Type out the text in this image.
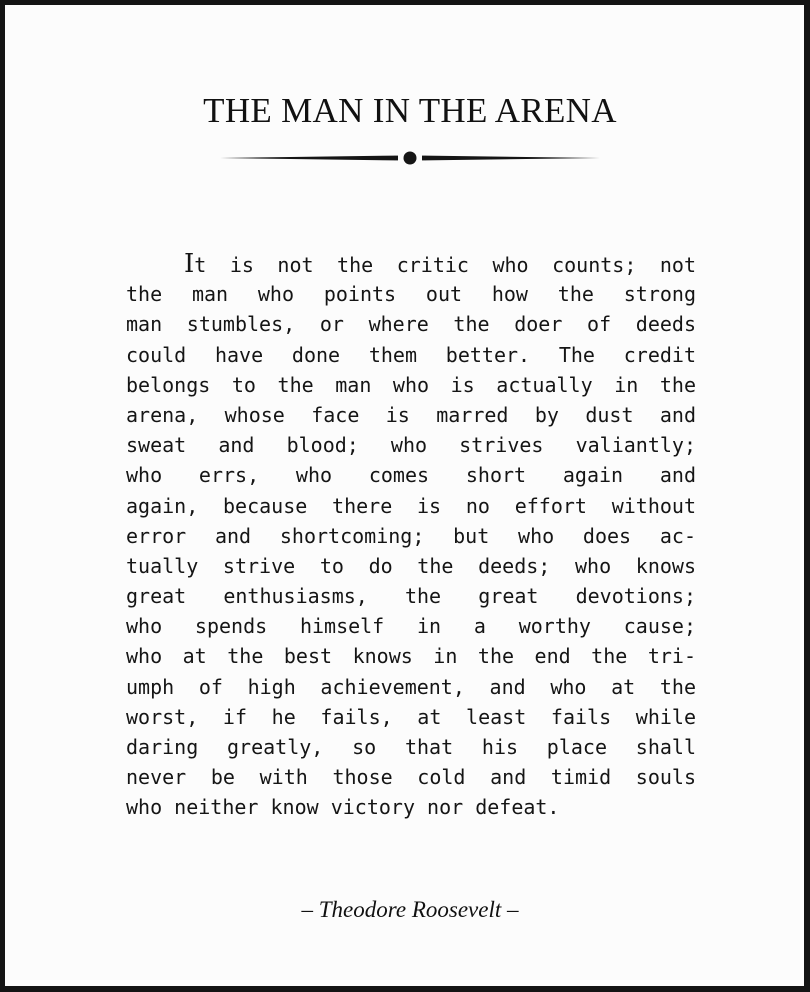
THE MAN IN THE ARENA
It is not the critic who counts; not
the man who points out how the strong
man stumbles, or where the doer of deeds
could have done them better. The credit
belongs to the man who is actually in the
arena, whose face is marred by dust and
sweat and blood; who strives valiantly;
who errs, who comes short again and
again, because there is no effort without
error and shortcoming; but who does ac-
tually strive to do the deeds; who knows
great enthusiasms, the great devotions;
who spends himself in a worthy cause;
who at the best knows in the end the tri-
umph of high achievement, and who at the
worst, if he fails, at least fails while
daring greatly, so that his place shall
never be with those cold and timid souls
who neither know victory nor defeat.
– Theodore Roosevelt –
